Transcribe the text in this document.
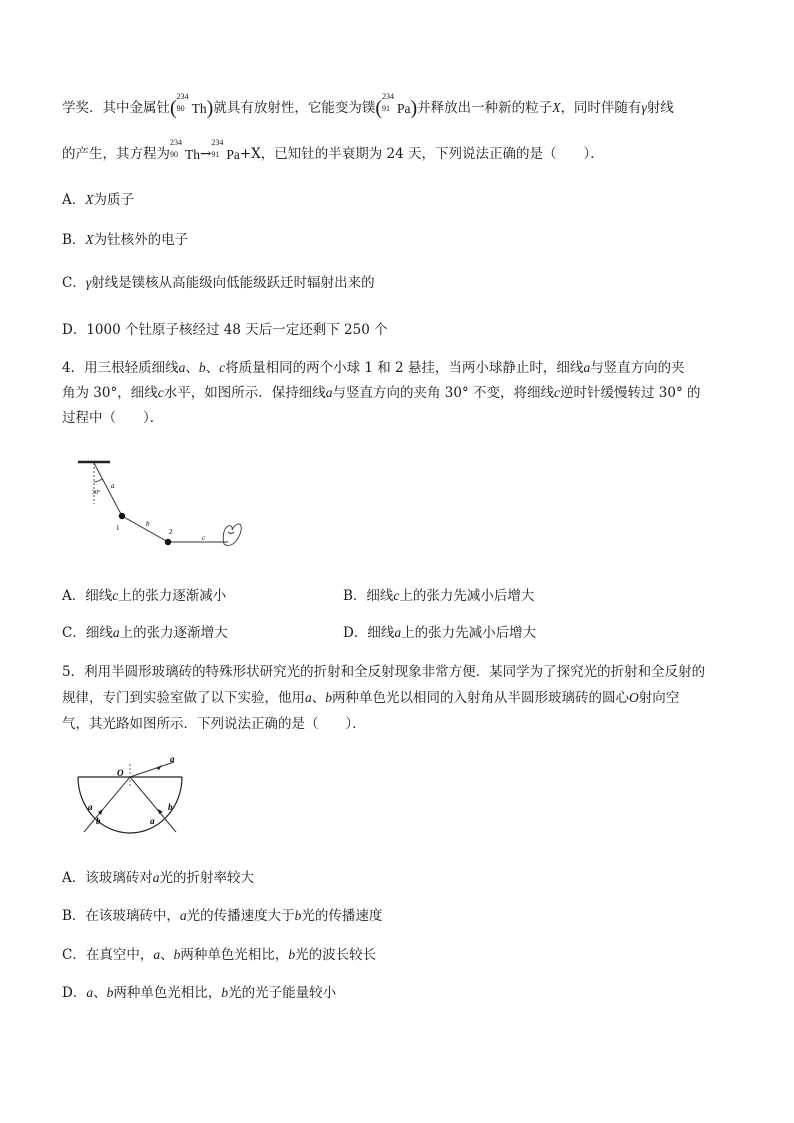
学奖．其中金属钍(
234
90 Th)就具有放射性，它能变为镤(
234
91 Pa)并释放出一种新的粒子X，同时伴随有γ射线
的产生，其方程为
234
90 Th→
234
91 Pa+X，已知钍的半衰期为 24 天，下列说法正确的是（　　）．
A．X为质子
B．X为钍核外的电子
C．γ射线是镤核从高能级向低能级跃迁时辐射出来的
D．1000 个钍原子核经过 48 天后一定还剩下 250 个
4．用三根轻质细线a、b、c将质量相同的两个小球 1 和 2 悬挂，当两小球静止时，细线a与竖直方向的夹
角为 30°，细线c水平，如图所示．保持细线a与竖直方向的夹角 30° 不变，将细线c逆时针缓慢转过 30° 的
过程中（　　）．
30°
a
b
c
1	2
A．细线c上的张力逐渐减小	B．细线c上的张力先减小后增大
C．细线a上的张力逐渐增大	D．细线a上的张力先减小后增大
5．利用半圆形玻璃砖的特殊形状研究光的折射和全反射现象非常方便．某同学为了探究光的折射和全反射的
规律，专门到实验室做了以下实验，他用a、b两种单色光以相同的入射角从半圆形玻璃砖的圆心O射向空
气，其光路如图所示．下列说法正确的是（　　）．
O
a
a
b
b
a
A．该玻璃砖对a光的折射率较大
B．在该玻璃砖中，a光的传播速度大于b光的传播速度
C．在真空中，a、b两种单色光相比，b光的波长较长
D．a、b两种单色光相比，b光的光子能量较小
